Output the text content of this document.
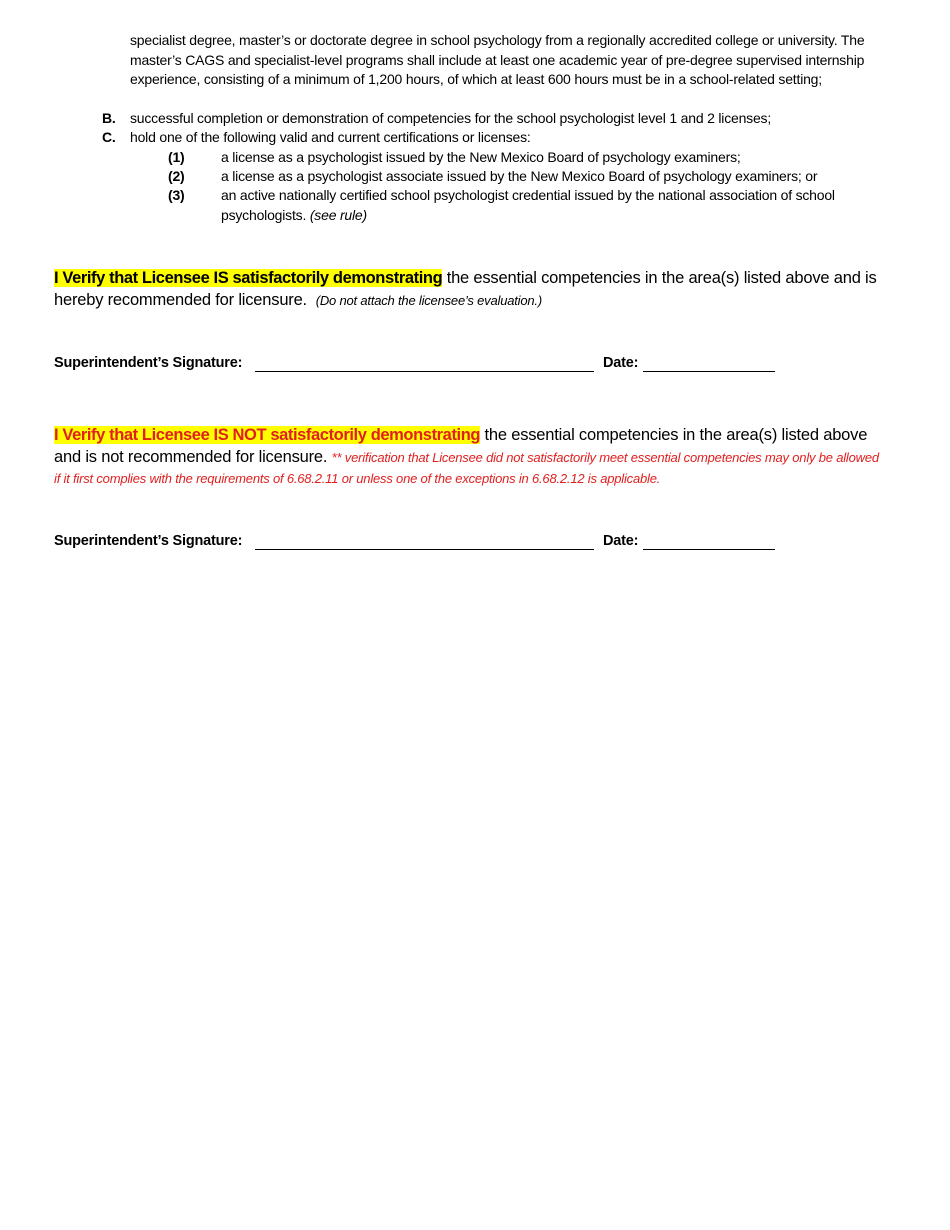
specialist degree, master’s or doctorate degree in school psychology from a regionally accredited college or university. The master’s CAGS and specialist-level programs shall include at least one academic year of pre-degree supervised internship experience, consisting of a minimum of 1,200 hours, of which at least 600 hours must be in a school-related setting;
B. successful completion or demonstration of competencies for the school psychologist level 1 and 2 licenses;
C. hold one of the following valid and current certifications or licenses:
(1)	a license as a psychologist issued by the New Mexico Board of psychology examiners;
(2)	a license as a psychologist associate issued by the New Mexico Board of psychology examiners; or
(3)	an active nationally certified school psychologist credential issued by the national association of school psychologists. (see rule)
I Verify that Licensee IS satisfactorily demonstrating the essential competencies in the area(s) listed above and is hereby recommended for licensure. (Do not attach the licensee’s evaluation.)
Superintendent’s Signature:	Date:
I Verify that Licensee IS NOT satisfactorily demonstrating the essential competencies in the area(s) listed above and is not recommended for licensure. ** verification that Licensee did not satisfactorily meet essential competencies may only be allowed if it first complies with the requirements of 6.68.2.11 or unless one of the exceptions in 6.68.2.12 is applicable.
Superintendent’s Signature:	Date:
